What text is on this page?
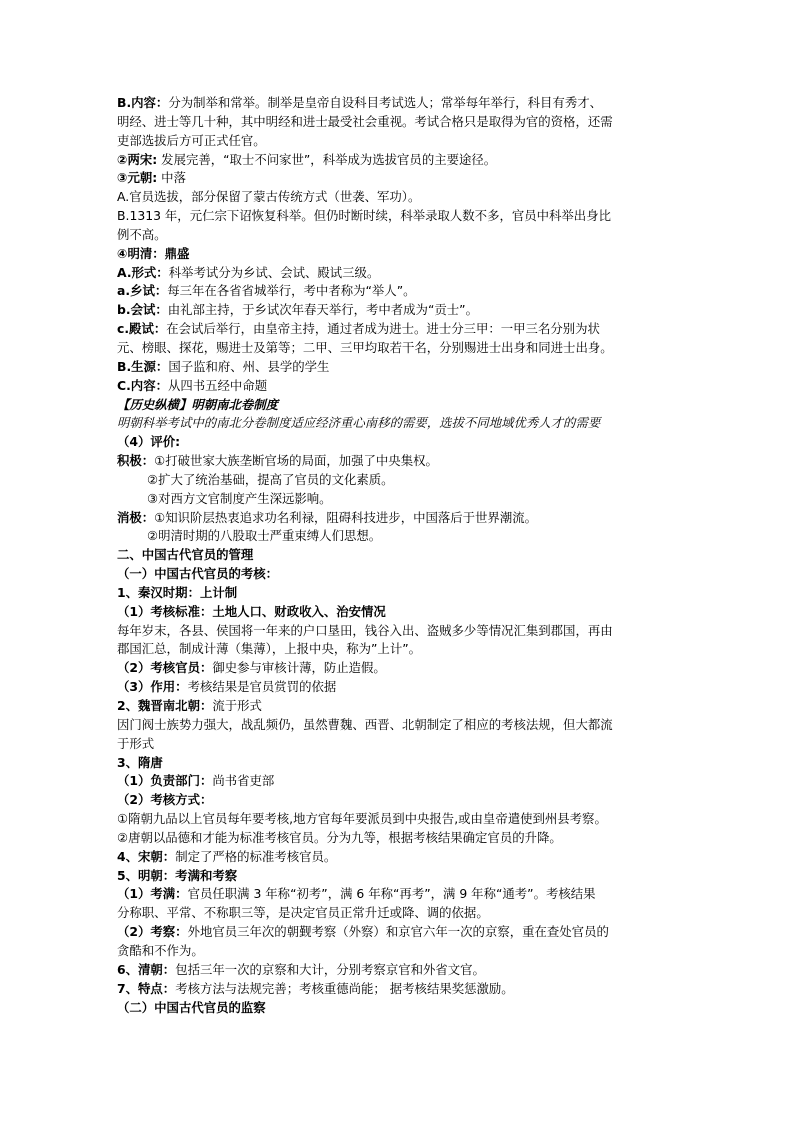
B.内容：分为制举和常举。制举是皇帝自设科目考试选人；常举每年举行，科目有秀才、
明经、进士等几十种，其中明经和进士最受社会重视。考试合格只是取得为官的资格，还需
吏部选拔后方可正式任官。
②两宋: 发展完善，“取士不问家世”，科举成为选拔官员的主要途径。
③元朝: 中落
A.官员选拔，部分保留了蒙古传统方式（世袭、军功）。
B.1313 年，元仁宗下诏恢复科举。但仍时断时续，科举录取人数不多，官员中科举出身比
例不高。
④明清：鼎盛
A.形式：科举考试分为乡试、会试、殿试三级。
a.乡试：每三年在各省省城举行，考中者称为“举人”。
b.会试：由礼部主持，于乡试次年春天举行，考中者成为“贡士”。
c.殿试：在会试后举行，由皇帝主持，通过者成为进士。进士分三甲：一甲三名分别为状
元、榜眼、探花，赐进士及第等；二甲、三甲均取若干名，分别赐进士出身和同进士出身。
B.生源：国子监和府、州、县学的学生
C.内容：从四书五经中命题
【历史纵横】明朝南北卷制度
明朝科举考试中的南北分卷制度适应经济重心南移的需要，选拔不同地域优秀人才的需要
（4）评价:
积极：①打破世家大族垄断官场的局面，加强了中央集权。
②扩大了统治基础，提高了官员的文化素质。
③对西方文官制度产生深远影响。
消极：①知识阶层热衷追求功名利禄，阻碍科技进步，中国落后于世界潮流。
②明清时期的八股取士严重束缚人们思想。
二、中国古代官员的管理
（一）中国古代官员的考核：
1、秦汉时期：上计制
（1）考核标准：土地人口、财政收入、治安情况
每年岁末，各县、侯国将一年来的户口垦田，钱谷入出、盗贼多少等情况汇集到郡国，再由
郡国汇总，制成计薄（集薄），上报中央，称为”上计”。
（2）考核官员：御史参与审核计薄，防止造假。
（3）作用：考核结果是官员赏罚的依据
2、魏晋南北朝：流于形式
因门阀士族势力强大，战乱频仍，虽然曹魏、西晋、北朝制定了相应的考核法规，但大都流
于形式
3、隋唐
（1）负责部门：尚书省吏部
（2）考核方式：
①隋朝九品以上官员每年要考核,地方官每年要派员到中央报告,或由皇帝遣使到州县考察。
②唐朝以品德和才能为标准考核官员。分为九等，根据考核结果确定官员的升降。
4、宋朝：制定了严格的标准考核官员。
5、明朝：考满和考察
（1）考满：官员任职满 3 年称“初考”，满 6 年称“再考”，满 9 年称“通考”。考核结果
分称职、平常、不称职三等，是决定官员正常升迁或降、调的依据。
（2）考察：外地官员三年次的朝觐考察（外察）和京官六年一次的京察，重在查处官员的
贪酷和不作为。
6、清朝：包括三年一次的京察和大计，分别考察京官和外省文官。
7、特点：考核方法与法规完善；考核重德尚能； 据考核结果奖惩激励。
（二）中国古代官员的监察
